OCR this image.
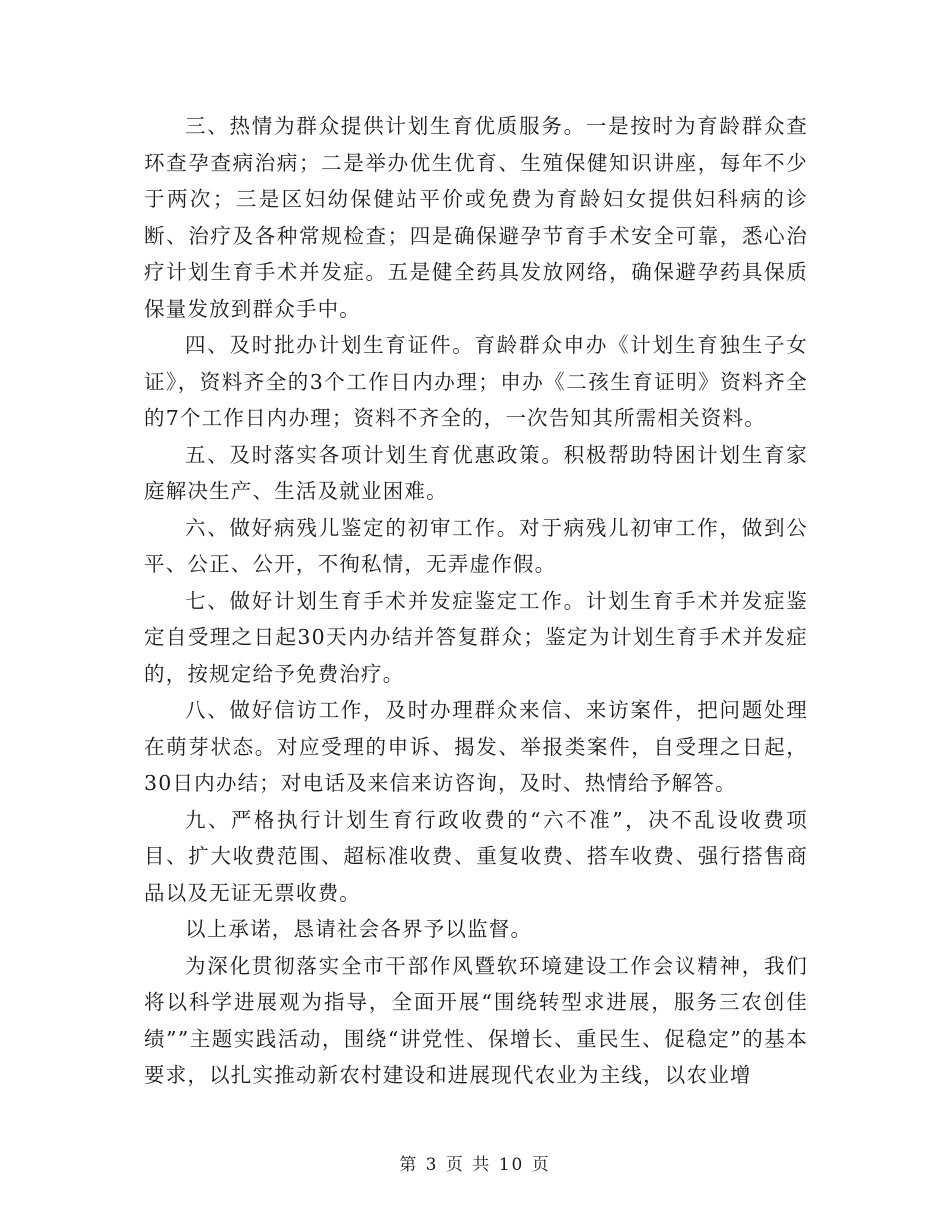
三、热情为群众提供计划生育优质服务。一是按时为育龄群众查环查孕查病治病；二是举办优生优育、生殖保健知识讲座，每年不少于两次；三是区妇幼保健站平价或免费为育龄妇女提供妇科病的诊断、治疗及各种常规检查；四是确保避孕节育手术安全可靠，悉心治疗计划生育手术并发症。五是健全药具发放网络，确保避孕药具保质保量发放到群众手中。

四、及时批办计划生育证件。育龄群众申办《计划生育独生子女证》，资料齐全的3个工作日内办理；申办《二孩生育证明》资料齐全的7个工作日内办理；资料不齐全的，一次告知其所需相关资料。

五、及时落实各项计划生育优惠政策。积极帮助特困计划生育家庭解决生产、生活及就业困难。

六、做好病残儿鉴定的初审工作。对于病残儿初审工作，做到公平、公正、公开，不徇私情，无弄虚作假。

七、做好计划生育手术并发症鉴定工作。计划生育手术并发症鉴定自受理之日起30天内办结并答复群众；鉴定为计划生育手术并发症的，按规定给予免费治疗。

八、做好信访工作，及时办理群众来信、来访案件，把问题处理在萌芽状态。对应受理的申诉、揭发、举报类案件，自受理之日起，30日内办结；对电话及来信来访咨询，及时、热情给予解答。

九、严格执行计划生育行政收费的“六不准”，决不乱设收费项目、扩大收费范围、超标准收费、重复收费、搭车收费、强行搭售商品以及无证无票收费。

以上承诺，恳请社会各界予以监督。

为深化贯彻落实全市干部作风暨软环境建设工作会议精神，我们将以科学进展观为指导，全面开展“围绕转型求进展，服务三农创佳绩””主题实践活动，围绕“讲党性、保增长、重民生、促稳定”的基本要求，以扎实推动新农村建设和进展现代农业为主线，以农业增

第 3 页 共 10 页
